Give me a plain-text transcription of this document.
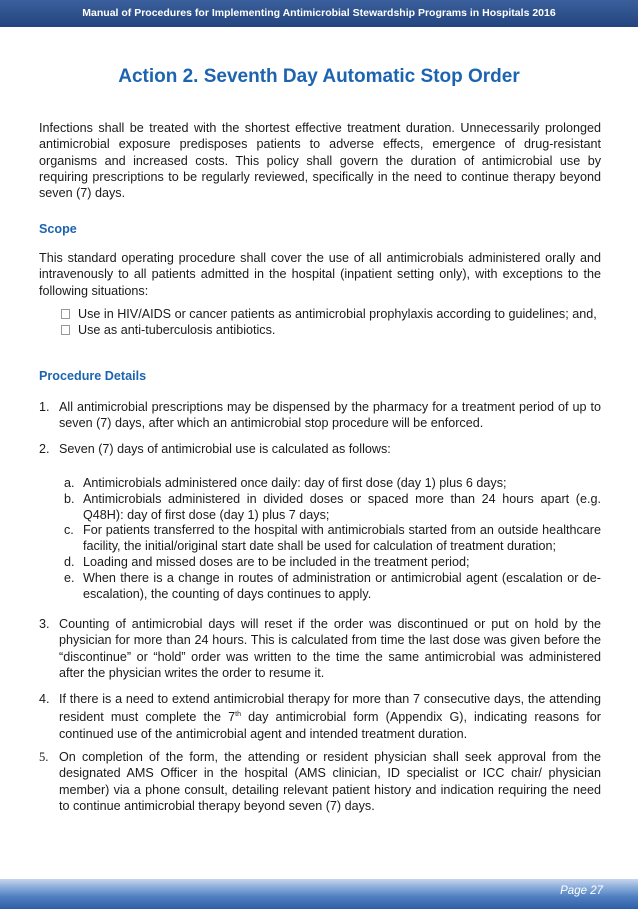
Manual of Procedures for Implementing Antimicrobial Stewardship Programs in Hospitals 2016
Action 2. Seventh Day Automatic Stop Order

Infections shall be treated with the shortest effective treatment duration. Unnecessarily prolonged antimicrobial exposure predisposes patients to adverse effects, emergence of drug-resistant organisms and increased costs. This policy shall govern the duration of antimicrobial use by requiring prescriptions to be regularly reviewed, specifically in the need to continue therapy beyond seven (7) days.

Scope

This standard operating procedure shall cover the use of all antimicrobials administered orally and intravenously to all patients admitted in the hospital (inpatient setting only), with exceptions to the following situations:

Use in HIV/AIDS or cancer patients as antimicrobial prophylaxis according to guidelines; and,
Use as anti-tuberculosis antibiotics.
Procedure Details
1. All antimicrobial prescriptions may be dispensed by the pharmacy for a treatment period of up to seven (7) days, after which an antimicrobial stop procedure will be enforced.

2. Seven (7) days of antimicrobial use is calculated as follows:

a. Antimicrobials administered once daily: day of first dose (day 1) plus 6 days;

b. Antimicrobials administered in divided doses or spaced more than 24 hours apart (e.g. Q48H): day of first dose (day 1) plus 7 days;

c. For patients transferred to the hospital with antimicrobials started from an outside healthcare facility, the initial/original start date shall be used for calculation of treatment duration;

d. Loading and missed doses are to be included in the treatment period;

e. When there is a change in routes of administration or antimicrobial agent (escalation or de-escalation), the counting of days continues to apply.

3. Counting of antimicrobial days will reset if the order was discontinued or put on hold by the physician for more than 24 hours. This is calculated from time the last dose was given before the “discontinue” or “hold” order was written to the time the same antimicrobial was administered after the physician writes the order to resume it.

4. If there is a need to extend antimicrobial therapy for more than 7 consecutive days, the attending resident must complete the 7th day antimicrobial form (Appendix G), indicating reasons for continued use of the antimicrobial agent and intended treatment duration.

5. On completion of the form, the attending or resident physician shall seek approval from the designated AMS Officer in the hospital (AMS clinician, ID specialist or ICC chair/ physician member) via a phone consult, detailing relevant patient history and indication requiring the need to continue antimicrobial therapy beyond seven (7) days.

Page 27
